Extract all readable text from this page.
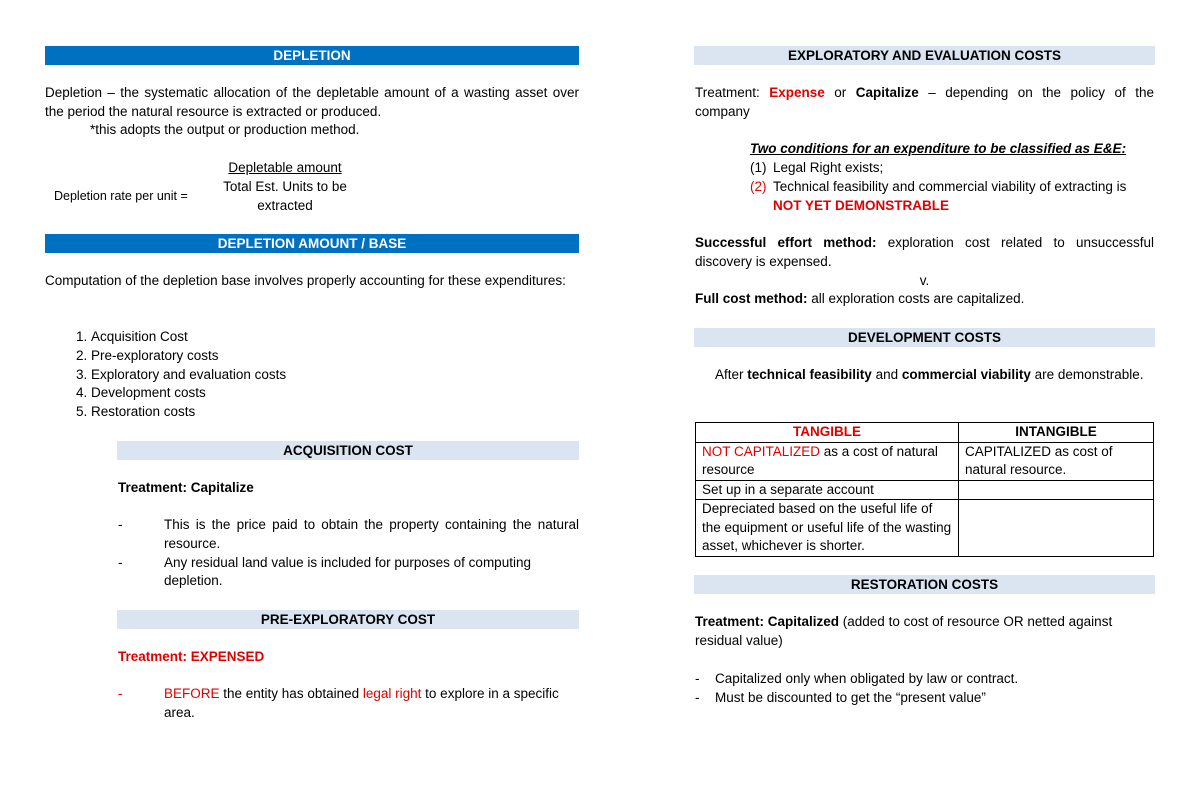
DEPLETION
Depletion – the systematic allocation of the depletable amount of a wasting asset over the period the natural resource is extracted or produced.
*this adopts the output or production method.
Depletion rate per unit =
Depletable amount
Total Est. Units to be extracted
DEPLETION AMOUNT / BASE
Computation of the depletion base involves properly accounting for these expenditures:
1. Acquisition Cost
2. Pre-exploratory costs
3. Exploratory and evaluation costs
4. Development costs
5. Restoration costs
ACQUISITION COST
Treatment: Capitalize
-	This is the price paid to obtain the property containing the natural resource.
-	Any residual land value is included for purposes of computing depletion.
PRE-EXPLORATORY COST
Treatment: EXPENSED
-	BEFORE the entity has obtained legal right to explore in a specific area.
EXPLORATORY AND EVALUATION COSTS
Treatment: Expense or Capitalize – depending on the policy of the company
Two conditions for an expenditure to be classified as E&E:
(1) Legal Right exists;
(2) Technical feasibility and commercial viability of extracting is NOT YET DEMONSTRABLE
Successful effort method: exploration cost related to unsuccessful discovery is expensed.
v.
Full cost method: all exploration costs are capitalized.
DEVELOPMENT COSTS
After technical feasibility and commercial viability are demonstrable.
TANGIBLE	INTANGIBLE
NOT CAPITALIZED as a cost of natural resource	CAPITALIZED as cost of natural resource.
Set up in a separate account	
Depreciated based on the useful life of the equipment or useful life of the wasting asset, whichever is shorter.	
RESTORATION COSTS
Treatment: Capitalized (added to cost of resource OR netted against residual value)
- Capitalized only when obligated by law or contract.
- Must be discounted to get the “present value”
